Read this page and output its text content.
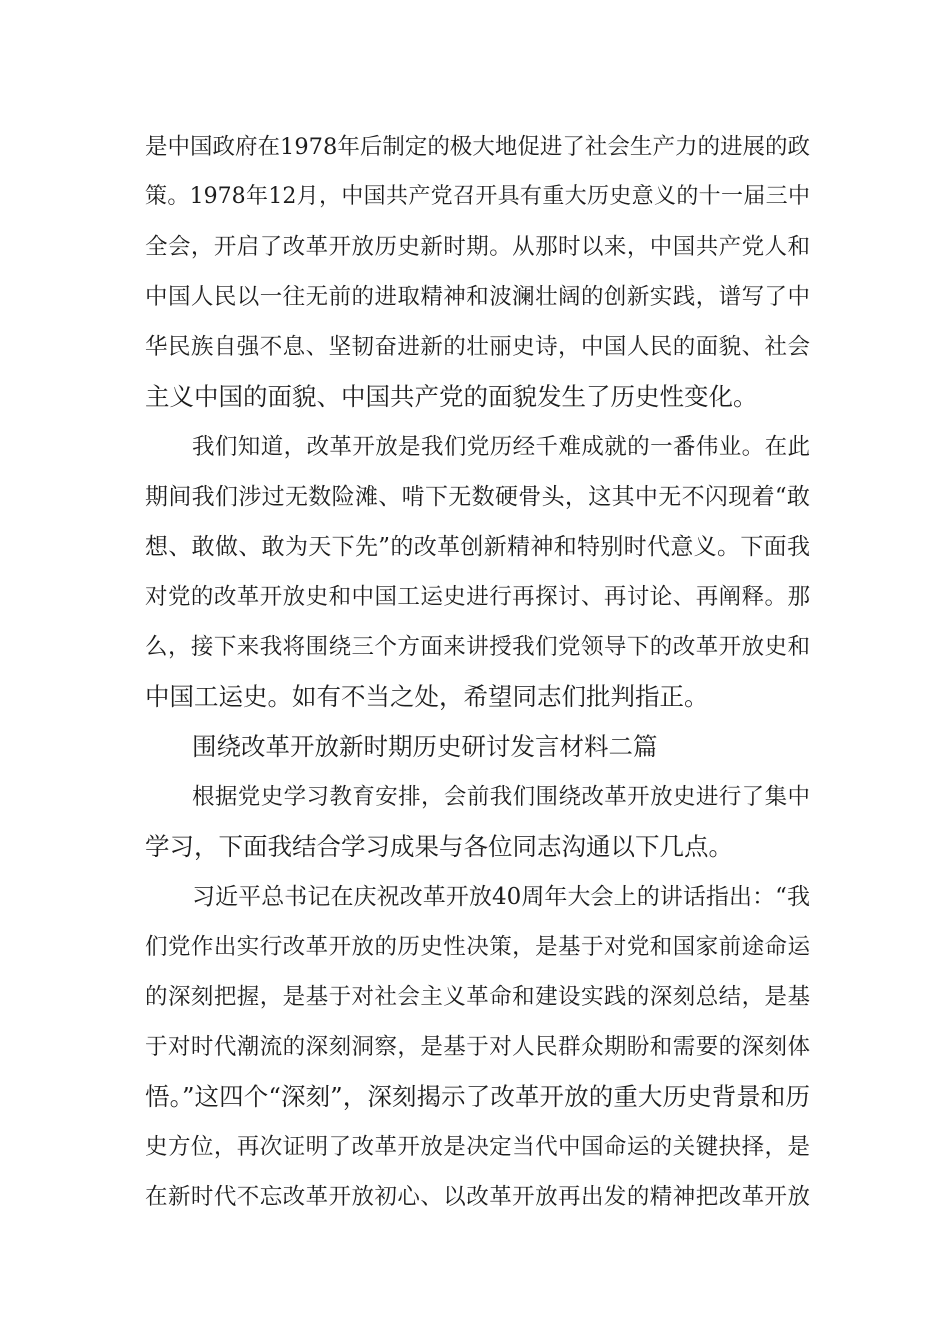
是中国政府在1978年后制定的极大地促进了社会生产力的进展的政
策。1978年12月，中国共产党召开具有重大历史意义的十一届三中
全会，开启了改革开放历史新时期。从那时以来，中国共产党人和
中国人民以一往无前的进取精神和波澜壮阔的创新实践，谱写了中
华民族自强不息、坚韧奋进新的壮丽史诗，中国人民的面貌、社会
主义中国的面貌、中国共产党的面貌发生了历史性变化。
我们知道，改革开放是我们党历经千难成就的一番伟业。在此
期间我们涉过无数险滩、啃下无数硬骨头，这其中无不闪现着“敢
想、敢做、敢为天下先”的改革创新精神和特别时代意义。下面我
对党的改革开放史和中国工运史进行再探讨、再讨论、再阐释。那
么，接下来我将围绕三个方面来讲授我们党领导下的改革开放史和
中国工运史。如有不当之处，希望同志们批判指正。
围绕改革开放新时期历史研讨发言材料二篇
根据党史学习教育安排，会前我们围绕改革开放史进行了集中
学习，下面我结合学习成果与各位同志沟通以下几点。
习近平总书记在庆祝改革开放40周年大会上的讲话指出：“我
们党作出实行改革开放的历史性决策，是基于对党和国家前途命运
的深刻把握，是基于对社会主义革命和建设实践的深刻总结，是基
于对时代潮流的深刻洞察，是基于对人民群众期盼和需要的深刻体
悟。”这四个“深刻”，深刻揭示了改革开放的重大历史背景和历
史方位，再次证明了改革开放是决定当代中国命运的关键抉择，是
在新时代不忘改革开放初心、以改革开放再出发的精神把改革开放
